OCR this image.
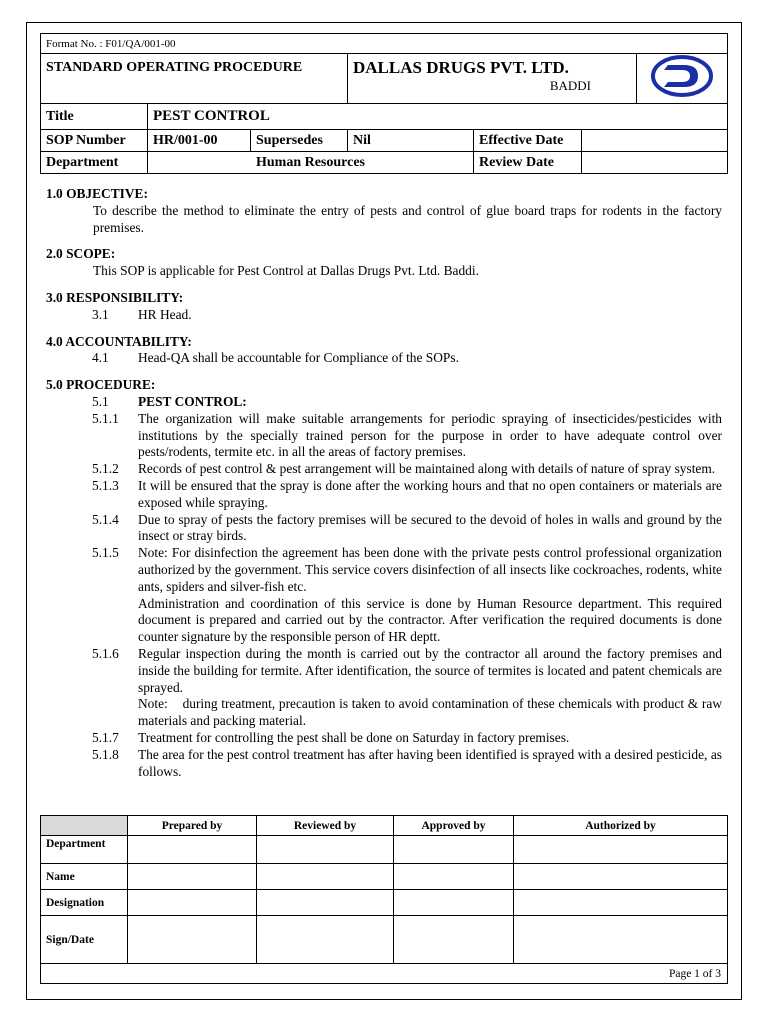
Format No. : F01/QA/001-00						
STANDARD OPERATING PROCEDURE			DALLAS DRUGS PVT. LTD.
BADDI

Title	PEST CONTROL					
SOP Number	HR/001-00	Supersedes	Nil	Effective Date		
Department	Human Resources			Review Date		
1.0 OBJECTIVE:
To describe the method to eliminate the entry of pests and control of glue board traps for rodents in the factory premises.
2.0 SCOPE:
This SOP is applicable for Pest Control at Dallas Drugs Pvt. Ltd. Baddi.
3.0 RESPONSIBILITY:
3.1	HR Head.
4.0 ACCOUNTABILITY:
4.1	Head-QA shall be accountable for Compliance of the SOPs.
5.0 PROCEDURE:
5.1	PEST CONTROL:
5.1.1	The organization will make suitable arrangements for periodic spraying of insecticides/pesticides with institutions by the specially trained person for the purpose in order to have adequate control over pests/rodents, termite etc. in all the areas of factory premises.
5.1.2	Records of pest control & pest arrangement will be maintained along with details of nature of spray system.
5.1.3	It will be ensured that the spray is done after the working hours and that no open containers or materials are exposed while spraying.
5.1.4	Due to spray of pests the factory premises will be secured to the devoid of holes in walls and ground by the insect or stray birds.
5.1.5	Note: For disinfection the agreement has been done with the private pests control professional organization authorized by the government. This service covers disinfection of all insects like cockroaches, rodents, white ants, spiders and silver-fish etc.
Administration and coordination of this service is done by Human Resource department. This required document is prepared and carried out by the contractor. After verification the required documents is done counter signature by the responsible person of HR deptt.
5.1.6	Regular inspection during the month is carried out by the contractor all around the factory premises and inside the building for termite. After identification, the source of termites is located and patent chemicals are sprayed.
Note:    during treatment, precaution is taken to avoid contamination of these chemicals with product & raw materials and packing material.
5.1.7	Treatment for controlling the pest shall be done on Saturday in factory premises.
5.1.8	The area for the pest control treatment has after having been identified is sprayed with a desired pesticide, as follows.
	Prepared by	Reviewed by	Approved by	Authorized by
Department				
Name				
Designation				
Sign/Date				
Page 1 of 3				
